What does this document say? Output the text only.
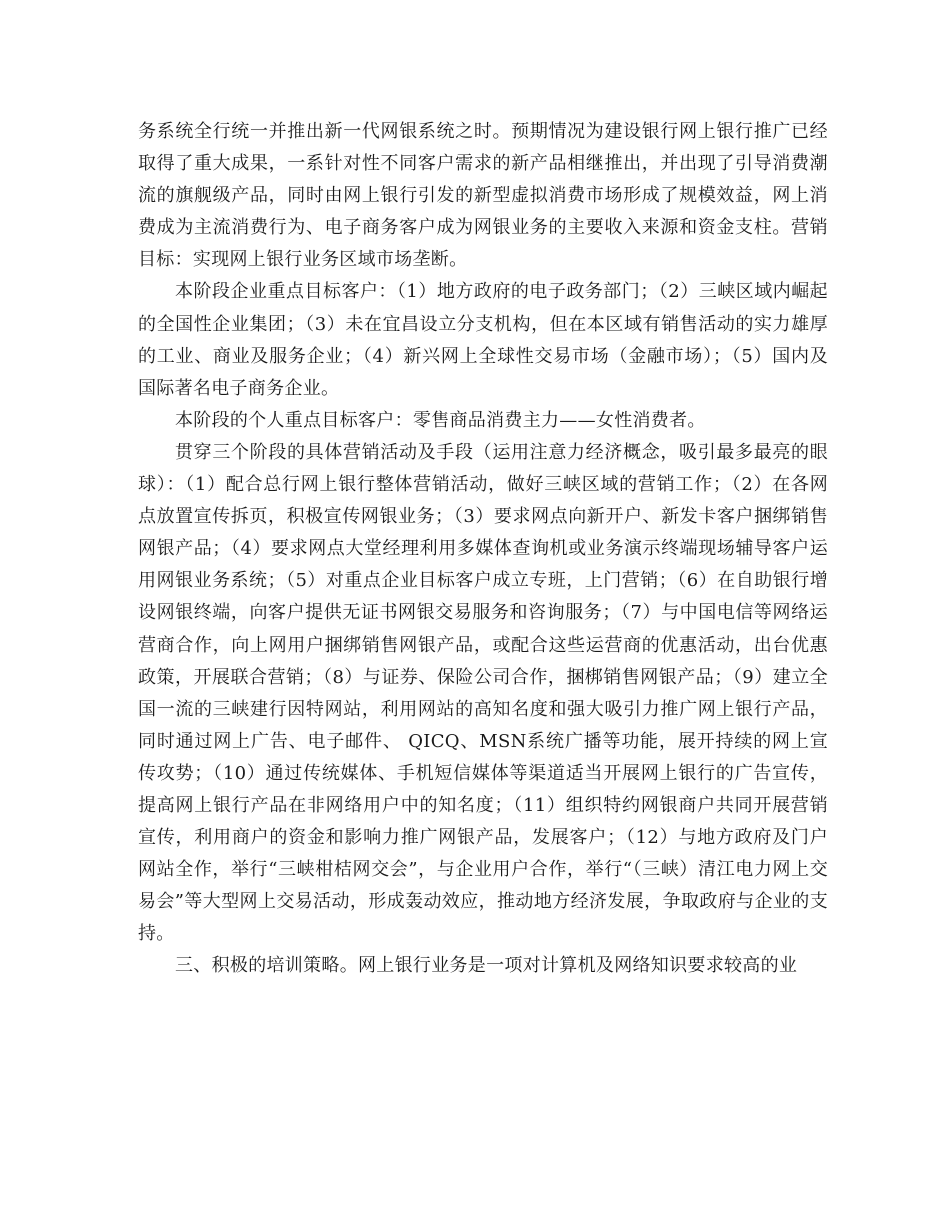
务系统全行统一并推出新一代网银系统之时。预期情况为建设银行网上银行推广已经取得了重大成果，一系针对性不同客户需求的新产品相继推出，并出现了引导消费潮流的旗舰级产品，同时由网上银行引发的新型虚拟消费市场形成了规模效益，网上消费成为主流消费行为、电子商务客户成为网银业务的主要收入来源和资金支柱。营销目标：实现网上银行业务区域市场垄断。

本阶段企业重点目标客户：（1）地方政府的电子政务部门；（2）三峡区域内崛起的全国性企业集团；（3）未在宜昌设立分支机构，但在本区域有销售活动的实力雄厚的工业、商业及服务企业；（4）新兴网上全球性交易市场（金融市场）；（5）国内及国际著名电子商务企业。

本阶段的个人重点目标客户：零售商品消费主力——女性消费者。

贯穿三个阶段的具体营销活动及手段（运用注意力经济概念，吸引最多最亮的眼球）：（1）配合总行网上银行整体营销活动，做好三峡区域的营销工作；（2）在各网点放置宣传拆页，积极宣传网银业务；（3）要求网点向新开户、新发卡客户捆绑销售网银产品；（4）要求网点大堂经理利用多媒体查询机或业务演示终端现场辅导客户运用网银业务系统；（5）对重点企业目标客户成立专班，上门营销；（6）在自助银行增设网银终端，向客户提供无证书网银交易服务和咨询服务；（7）与中国电信等网络运营商合作，向上网用户捆绑销售网银产品，或配合这些运营商的优惠活动，出台优惠政策，开展联合营销；（8）与证券、保险公司合作，捆梆销售网银产品；（9）建立全国一流的三峡建行因特网站，利用网站的高知名度和强大吸引力推广网上银行产品，同时通过网上广告、电子邮件、 QICQ、MSN系统广播等功能，展开持续的网上宣传攻势；（10）通过传统媒体、手机短信媒体等渠道适当开展网上银行的广告宣传，提高网上银行产品在非网络用户中的知名度；（11）组织特约网银商户共同开展营销宣传，利用商户的资金和影响力推广网银产品，发展客户；（12）与地方政府及门户网站全作，举行“三峡柑桔网交会”，与企业用户合作，举行“（三峡）清江电力网上交易会”等大型网上交易活动，形成轰动效应，推动地方经济发展，争取政府与企业的支持。

三、积极的培训策略。网上银行业务是一项对计算机及网络知识要求较高的业
